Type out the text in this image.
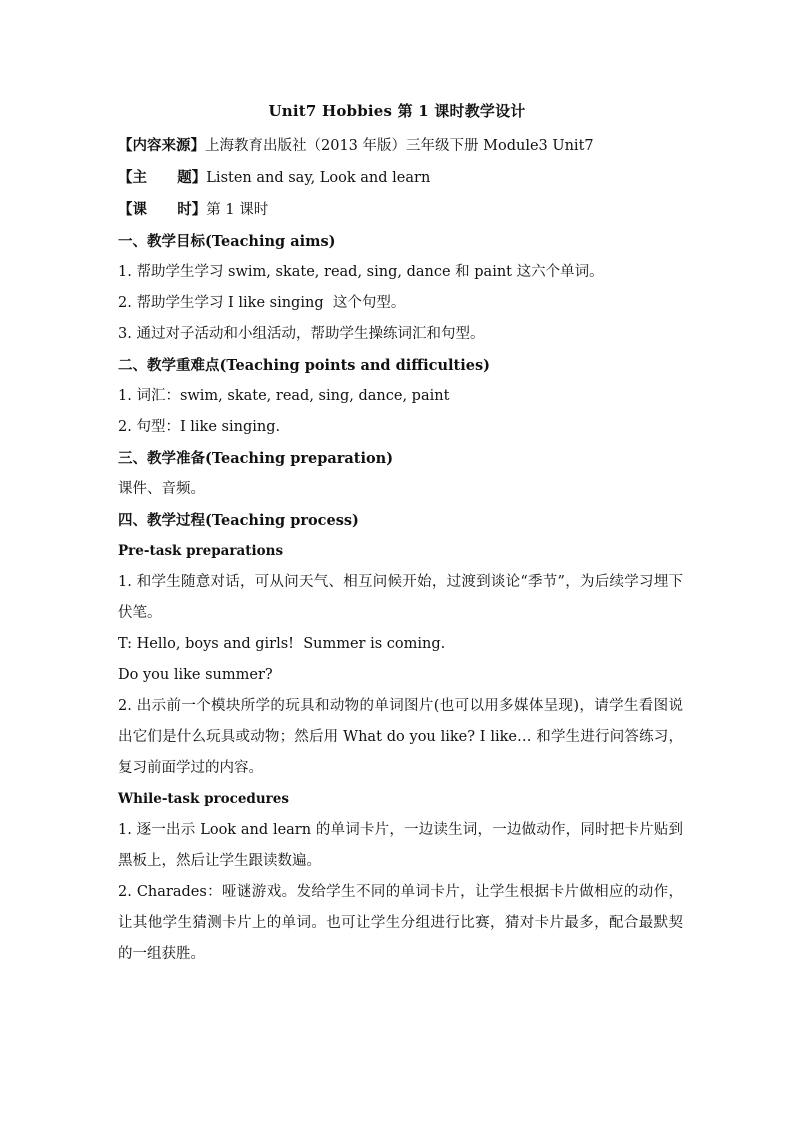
Unit7 Hobbies 第 1 课时教学设计
【内容来源】上海教育出版社（2013 年版）三年级下册 Module3 Unit7
【主      题】Listen and say, Look and learn
【课      时】第 1 课时
一、教学目标(Teaching aims)
1. 帮助学生学习 swim, skate, read, sing, dance 和 paint 这六个单词。
2. 帮助学生学习 I like singing  这个句型。
3. 通过对子活动和小组活动，帮助学生操练词汇和句型。
二、教学重难点(Teaching points and difficulties)
1. 词汇：swim, skate, read, sing, dance, paint
2. 句型：I like singing.
三、教学准备(Teaching preparation)
课件、音频。
四、教学过程(Teaching process)
Pre-task preparations
1. 和学生随意对话，可从问天气、相互问候开始，过渡到谈论“季节”，为后续学习埋下伏笔。
T: Hello, boys and girls!  Summer is coming.
Do you like summer?
2. 出示前一个模块所学的玩具和动物的单词图片(也可以用多媒体呈现)，请学生看图说出它们是什么玩具或动物；然后用 What do you like? I like… 和学生进行问答练习，复习前面学过的内容。
While-task procedures
1. 逐一出示 Look and learn 的单词卡片，一边读生词，一边做动作，同时把卡片贴到黑板上，然后让学生跟读数遍。
2. Charades：哑谜游戏。发给学生不同的单词卡片，让学生根据卡片做相应的动作，让其他学生猜测卡片上的单词。也可让学生分组进行比赛，猜对卡片最多，配合最默契的一组获胜。
